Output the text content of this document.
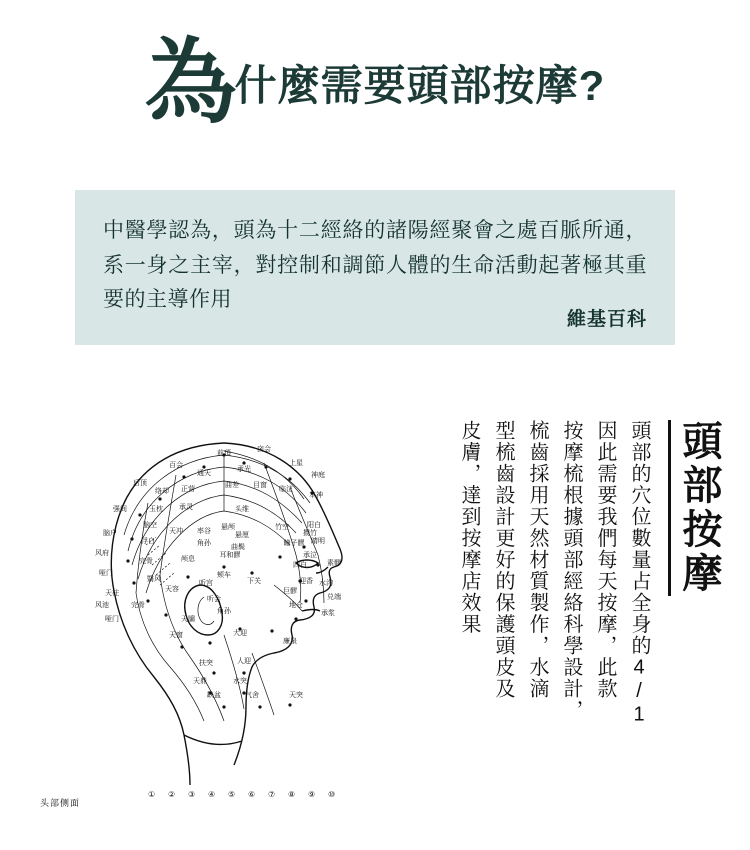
為什麼需要頭部按摩?
中醫學認為，頭為十二經絡的諸陽經聚會之處百脈所通，系一身之主宰，對控制和調節人體的生命活動起著極其重要的主導作用
維基百科
前頂
囟会
百会
承光
上星
通天	神庭
后顶
络却 正营
曲差 目窗
临泣
本神
强间	玉枕 承灵	头维
脑空	悬颅	阳白
脑户	天冲 率谷
悬厘
竹空
攒竹
风府
浮白	角孙
曲鬓
瞳子髎 睛明
哑门
完骨	颅息
耳和髎	承泣
翳风
颊车
四白	素髎
天柱
天容
听宫	下关	迎香
巨髎
水沟
风池	完骨
听会
地仓
兑端
哑门	天牖
角孙	承浆
天窗	大迎
扶突	人迎
廉泉
天鼎	水突
缺盆	气舍	天突
① ② ③ ④ ⑤ ⑥ ⑦ ⑧ ⑨ ⑩
头部侧面
頭部的穴位數量占全身的4/1
因此需要我們每天按摩，此款
按摩梳根據頭部經絡科學設計，
梳齒採用天然材質製作，水滴
型梳齒設計更好的保護頭皮及
皮膚，達到按摩店效果	頭部按摩
